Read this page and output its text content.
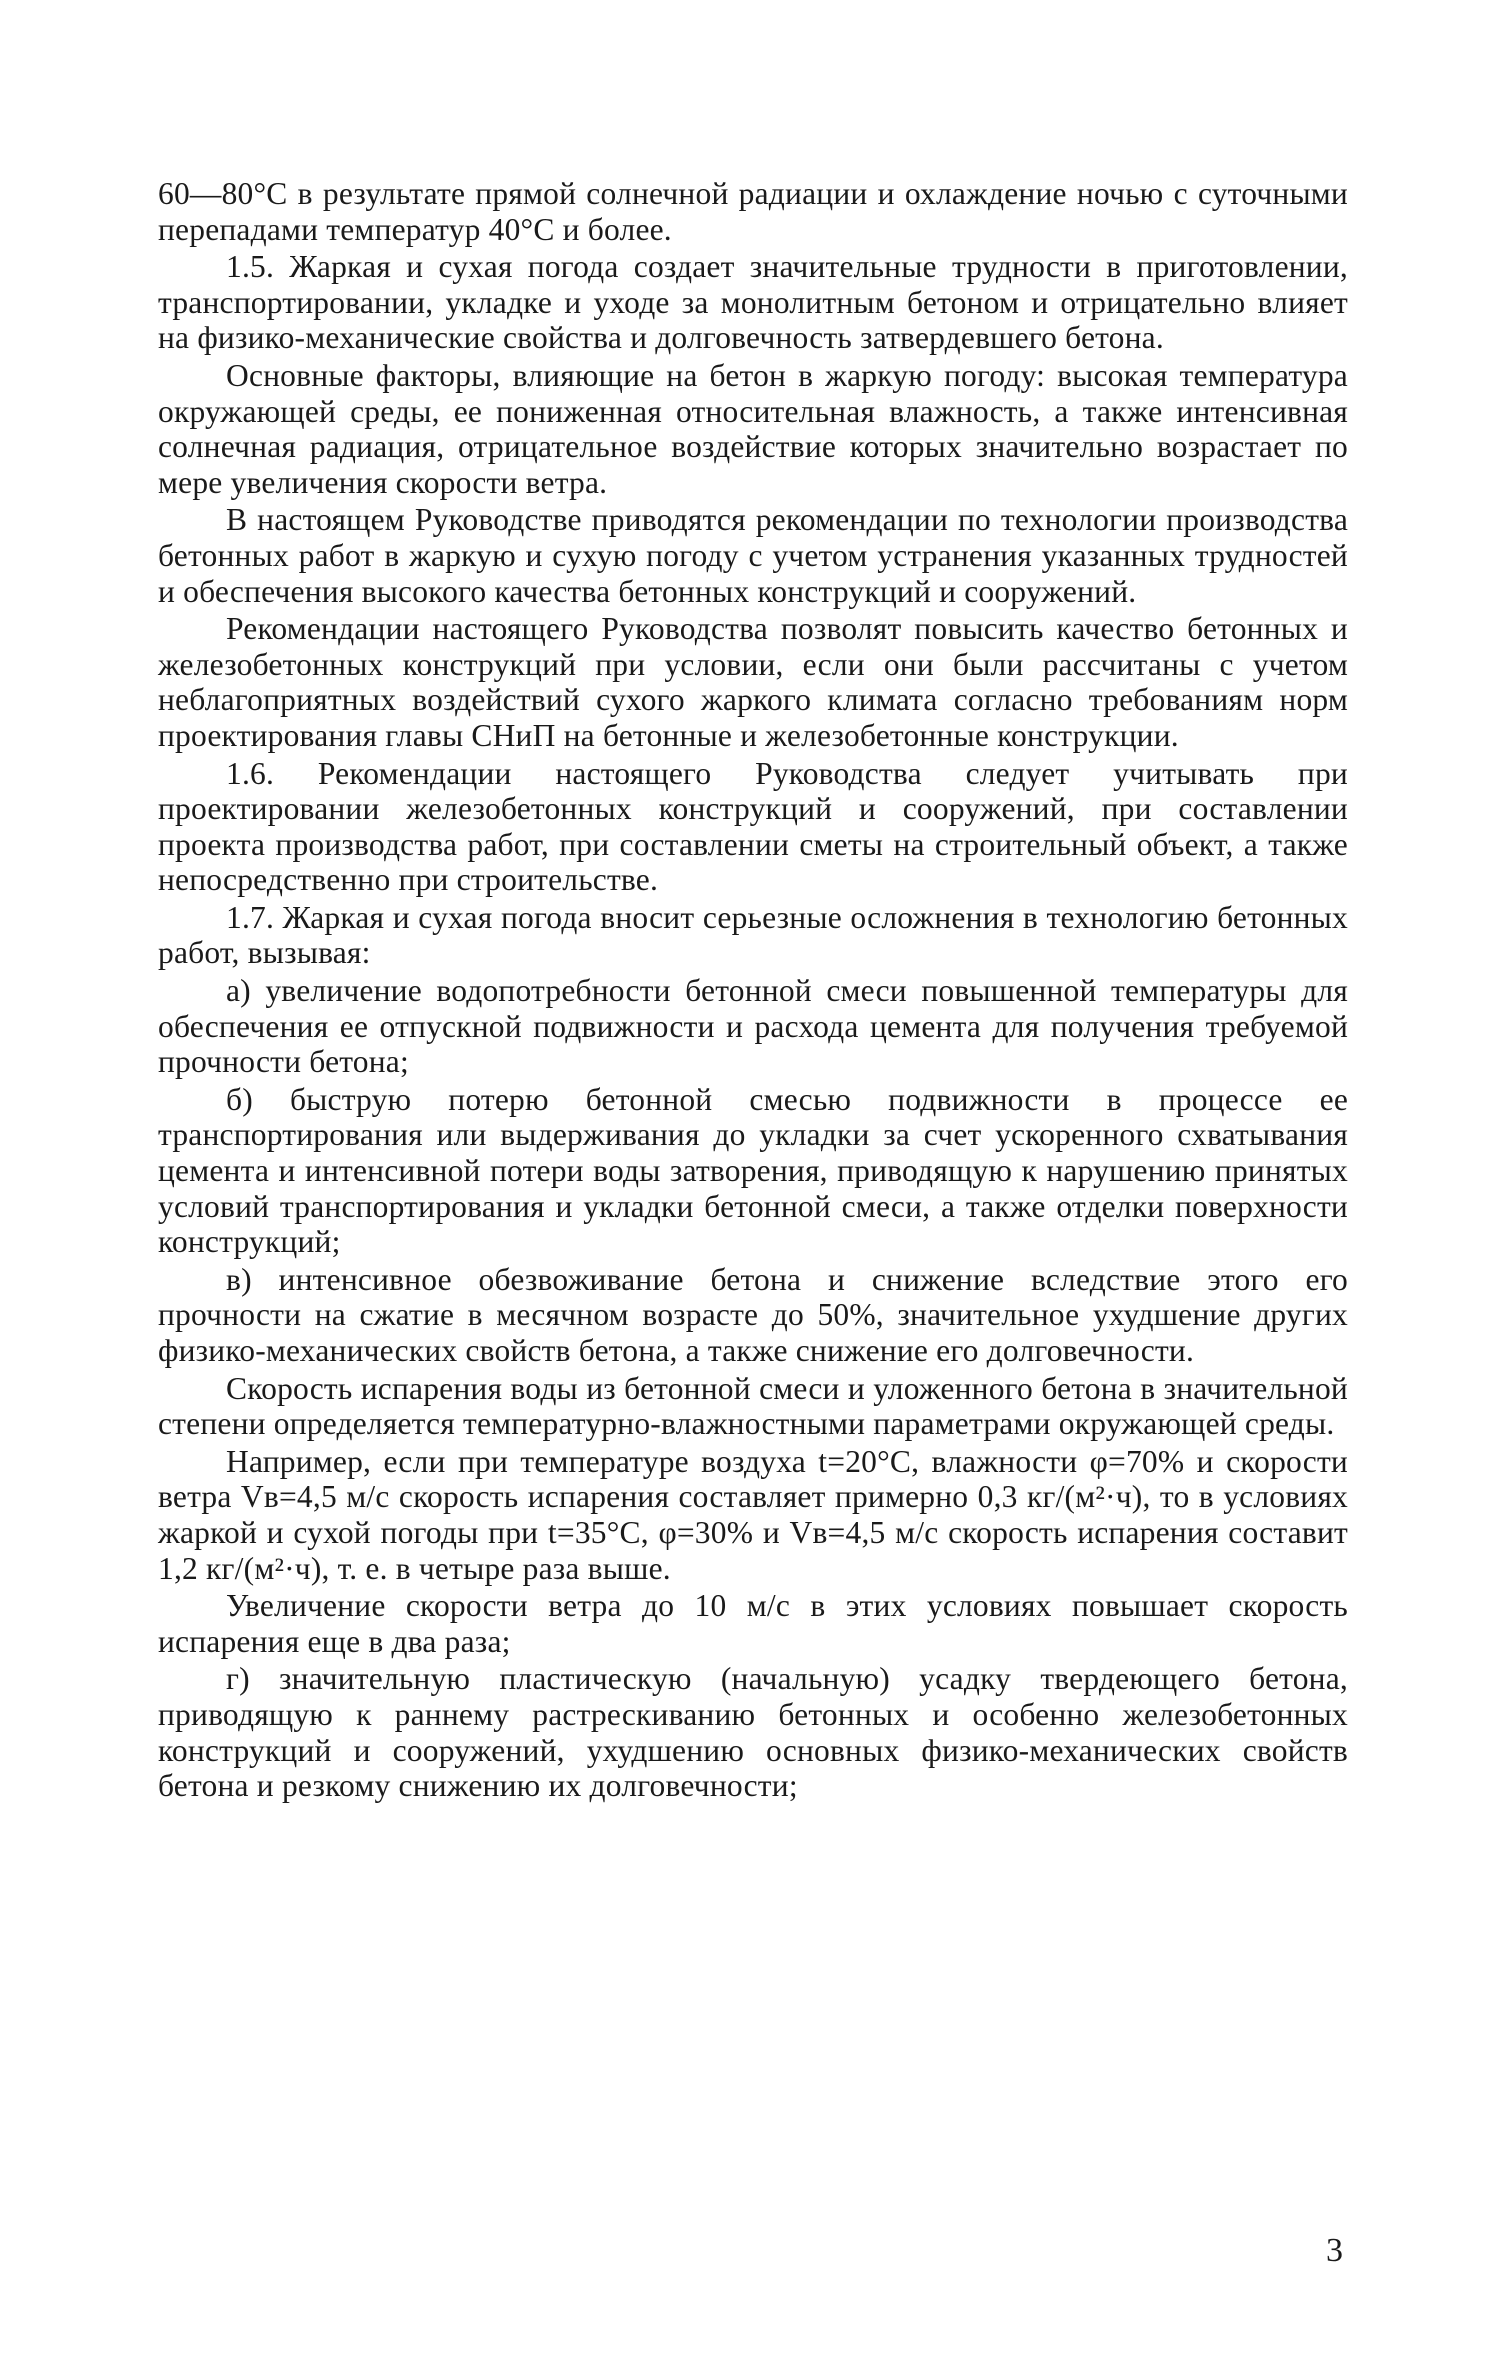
60—80°C в результате прямой солнечной радиации и охлаждение ночью с суточными перепадами температур 40°C и более.

1.5. Жаркая и сухая погода создает значительные трудности в приготовлении, транспортировании, укладке и уходе за монолитным бетоном и отрицательно влияет на физико-механические свойства и долговечность затвердевшего бетона.

Основные факторы, влияющие на бетон в жаркую погоду: высокая температура окружающей среды, ее пониженная относительная влажность, а также интенсивная солнечная радиация, отрицательное воздействие которых значительно возрастает по мере увеличения скорости ветра.

В настоящем Руководстве приводятся рекомендации по технологии производства бетонных работ в жаркую и сухую погоду с учетом устранения указанных трудностей и обеспечения высокого качества бетонных конструкций и сооружений.

Рекомендации настоящего Руководства позволят повысить качество бетонных и железобетонных конструкций при условии, если они были рассчитаны с учетом неблагоприятных воздействий сухого жаркого климата согласно требованиям норм проектирования главы СНиП на бетонные и железобетонные конструкции.

1.6. Рекомендации настоящего Руководства следует учитывать при проектировании железобетонных конструкций и сооружений, при составлении проекта производства работ, при составлении сметы на строительный объект, а также непосредственно при строительстве.

1.7. Жаркая и сухая погода вносит серьезные осложнения в технологию бетонных работ, вызывая:

а) увеличение водопотребности бетонной смеси повышенной температуры для обеспечения ее отпускной подвижности и расхода цемента для получения требуемой прочности бетона;

б) быструю потерю бетонной смесью подвижности в процессе ее транспортирования или выдерживания до укладки за счет ускоренного схватывания цемента и интенсивной потери воды затворения, приводящую к нарушению принятых условий транспортирования и укладки бетонной смеси, а также отделки поверхности конструкций;

в) интенсивное обезвоживание бетона и снижение вследствие этого его прочности на сжатие в месячном возрасте до 50%, значительное ухудшение других физико-механических свойств бетона, а также снижение его долговечности.

Скорость испарения воды из бетонной смеси и уложенного бетона в значительной степени определяется температурно-влажностными параметрами окружающей среды.

Например, если при температуре воздуха t=20°C, влажности φ=70% и скорости ветра Vв=4,5 м/с скорость испарения составляет примерно 0,3 кг/(м²·ч), то в условиях жаркой и сухой погоды при t=35°C, φ=30% и Vв=4,5 м/с скорость испарения составит 1,2 кг/(м²·ч), т. е. в четыре раза выше.

Увеличение скорости ветра до 10 м/с в этих условиях повышает скорость испарения еще в два раза;

г) значительную пластическую (начальную) усадку твердеющего бетона, приводящую к раннему растрескиванию бетонных и особенно железобетонных конструкций и сооружений, ухудшению основных физико-механических свойств бетона и резкому снижению их долговечности;

3
